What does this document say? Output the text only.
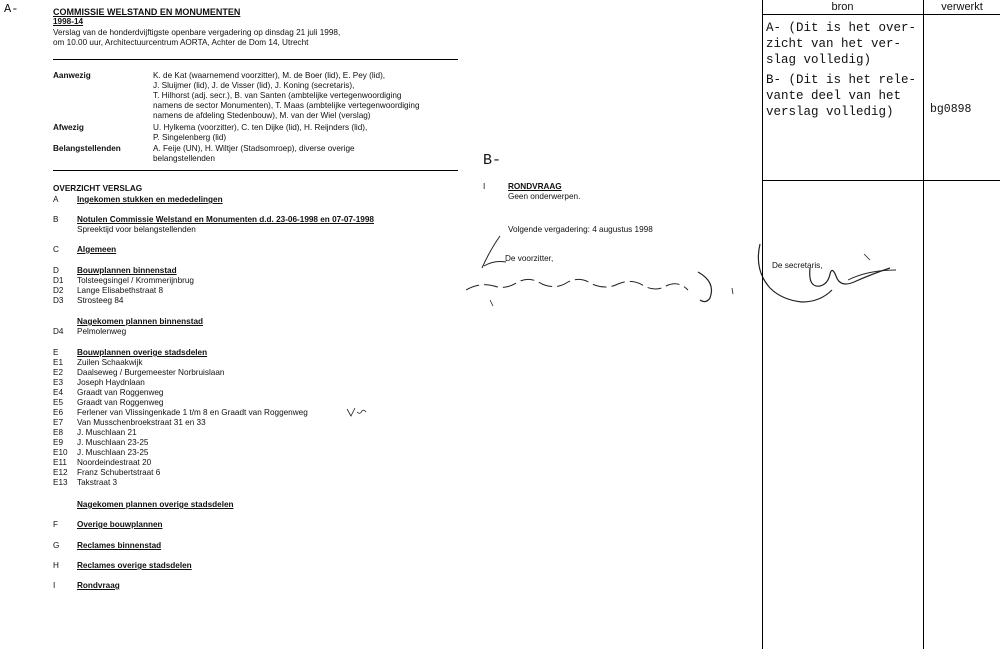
A-
B-
COMMISSIE WELSTAND EN MONUMENTEN
1998-14
Verslag van de honderdvijftigste openbare vergadering op dinsdag 21 juli 1998,
om 10.00 uur, Architectuurcentrum AORTA, Achter de Dom 14, Utrecht
Aanwezig	K. de Kat (waarnemend voorzitter), M. de Boer (lid), E. Pey (lid),
J. Sluijmer (lid), J. de Visser (lid), J. Koning (secretaris),
T. Hilhorst (adj. secr.), B. van Santen (ambtelijke vertegenwoordiging
namens de sector Monumenten), T. Maas (ambtelijke vertegenwoordiging
namens de afdeling Stedenbouw), M. van der Wiel (verslag)
Afwezig	U. Hylkema (voorzitter), C. ten Dijke (lid), H. Reijnders (lid),
P. Singelenberg (lid)
Belangstellenden	A. Feije (UN), H. Wiltjer (Stadsomroep), diverse overige
belangstellenden
OVERZICHT VERSLAG
A Ingekomen stukken en mededelingen
B Notulen Commissie Welstand en Monumenten d.d. 23-06-1998 en 07-07-1998
Spreektijd voor belangstellenden
C Algemeen
D Bouwplannen binnenstad
D1 Tolsteegsingel / Krommerijnbrug
D2 Lange Elisabethstraat 8
D3 Strosteeg 84
Nagekomen plannen binnenstad
D4 Pelmolenweg
E Bouwplannen overige stadsdelen
E1 Zuilen Schaakwijk
E2 Daalseweg / Burgemeester Norbruislaan
E3 Joseph Haydnlaan
E4 Graadt van Roggenweg
E5 Graadt van Roggenweg
E6 Ferlener van Vlissingenkade 1 t/m 8 en Graadt van Roggenweg
E7 Van Musschenbroekstraat 31 en 33
E8 J. Muschlaan 21
E9 J. Muschlaan 23-25
E10 J. Muschlaan 23-25
E11 Noordeindestraat 20
E12 Franz Schubertstraat 6
E13 Takstraat 3
Nagekomen plannen overige stadsdelen
F Overige bouwplannen
G Reclames binnenstad
H Reclames overige stadsdelen
I	Rondvraag
I	RONDVRAAG
Geen onderwerpen.
Volgende vergadering: 4 augustus 1998
De voorzitter,
De secretaris,
bron	verwerkt
A- (Dit is het over-
zicht van het ver-
slag volledig)
B- (Dit is het rele-
vante deel van het
verslag volledig)	bg0898
